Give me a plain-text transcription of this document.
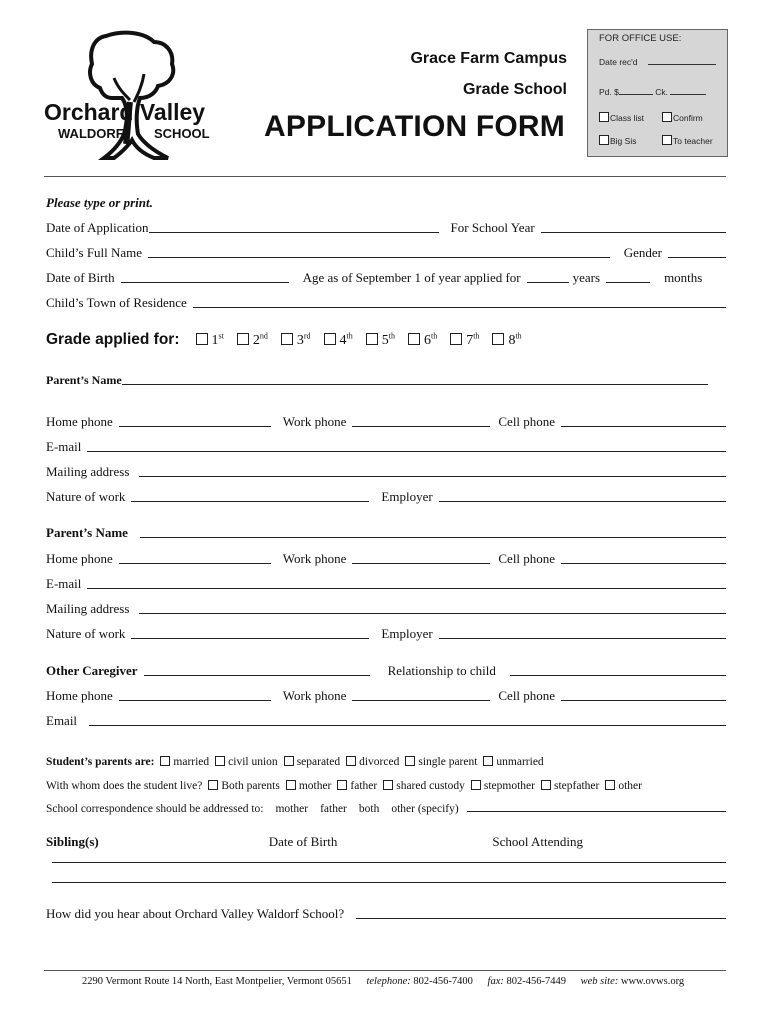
Orchard Valley
WALDORF SCHOOL
Grace Farm Campus
Grade School
APPLICATION FORM
FOR OFFICE USE:
Date rec'd
Pd. $	Ck.
Class list	Confirm
Big Sis	To teacher
Please type or print.
Date of Application	For School Year
Child’s Full Name	Gender
Date of Birth	Age as of September 1 of year applied for	years	months
Child’s Town of Residence
Grade applied for:	1st 2nd 3rd 4th 5th 6th 7th 8th
Parent’s Name
Home phone	Work phone	Cell phone
E-mail
Mailing address
Nature of work	Employer
Parent’s Name
Home phone	Work phone	Cell phone
E-mail
Mailing address
Nature of work	Employer
Other Caregiver	Relationship to child
Home phone	Work phone	Cell phone
Email
Student’s parents are:	married civil union separated divorced single parent unmarried
With whom does the student live?	Both parents mother father shared custody stepmother stepfather other
School correspondence should be addressed to:	mother father both other (specify)
Sibling(s)	Date of Birth	School Attending
How did you hear about Orchard Valley Waldorf School?
2290 Vermont Route 14 North, East Montpelier, Vermont 05651 telephone: 802-456-7400 fax: 802-456-7449 web site: www.ovws.org
